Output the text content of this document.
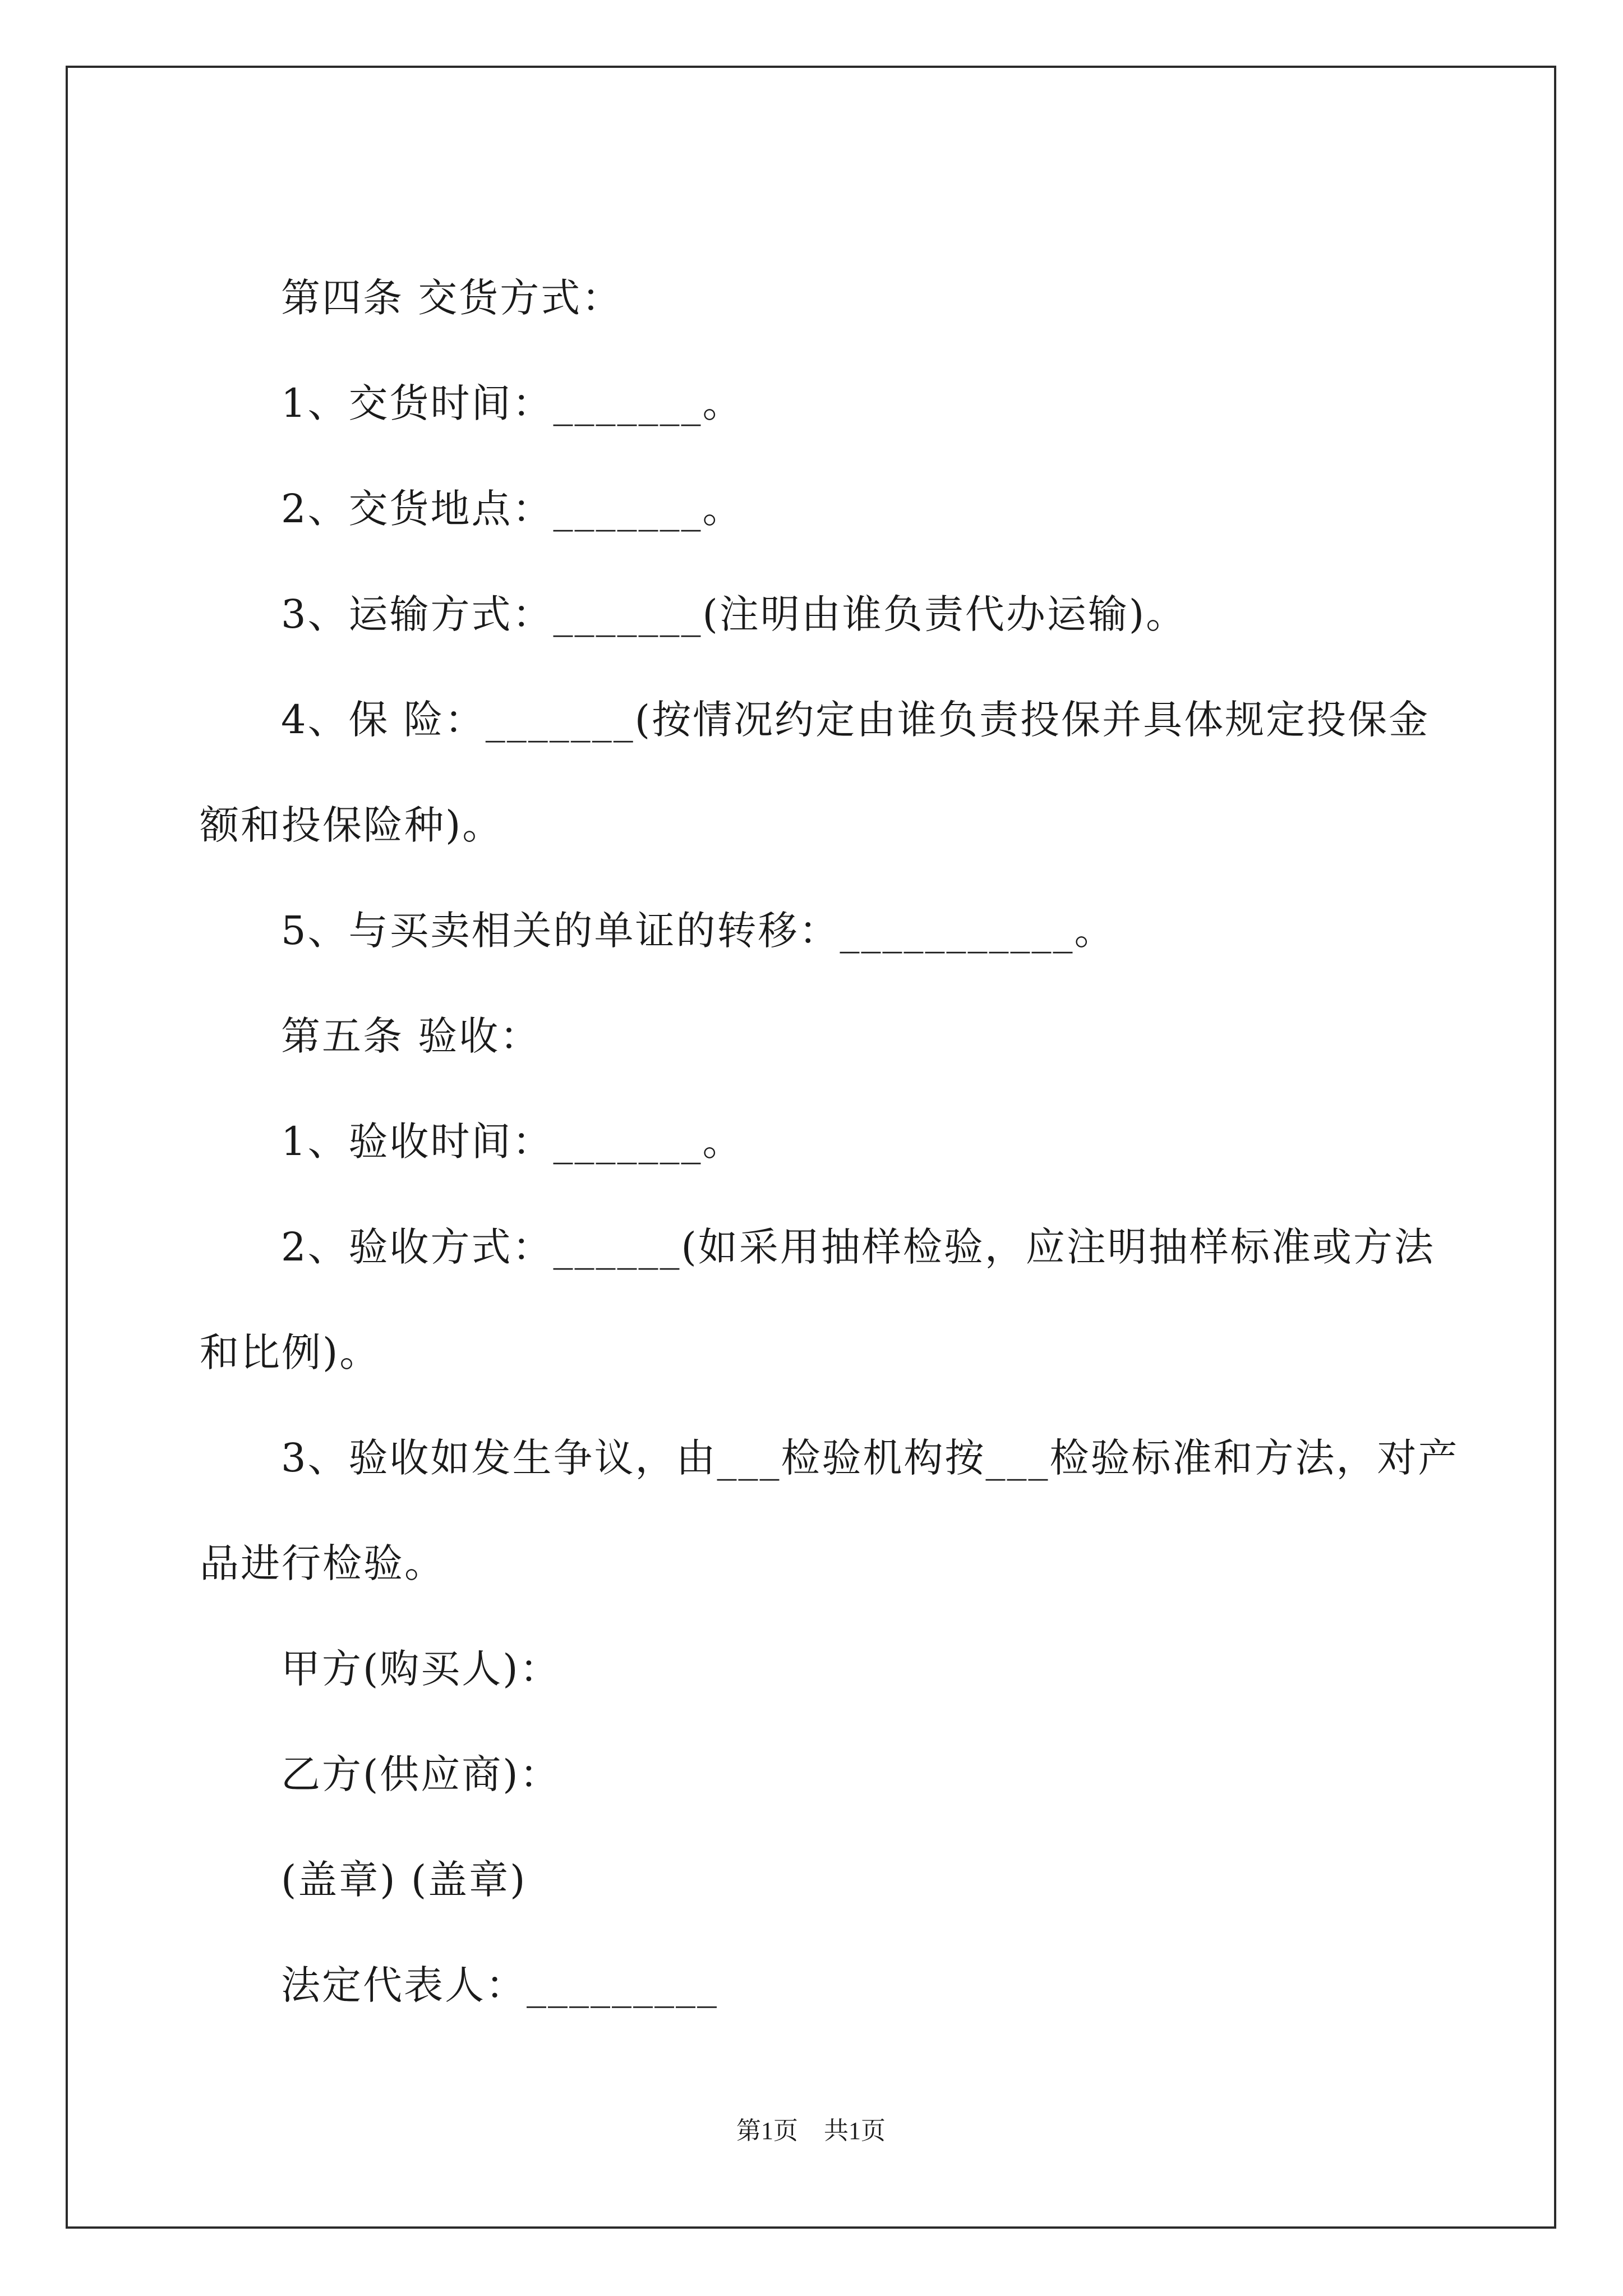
第四条 交货方式：
1、交货时间：_______。
2、交货地点：_______。
3、运输方式：_______(注明由谁负责代办运输)。
4、保 险：_______(按情况约定由谁负责投保并具体规定投保金
额和投保险种)。
5、与买卖相关的单证的转移：___________。
第五条 验收：
1、验收时间：_______。
2、验收方式：______(如采用抽样检验，应注明抽样标准或方法
和比例)。
3、验收如发生争议，由___检验机构按___检验标准和方法，对产
品进行检验。
甲方(购买人)：
乙方(供应商)：
(盖章) (盖章)
法定代表人：_________
第1页 共1页
